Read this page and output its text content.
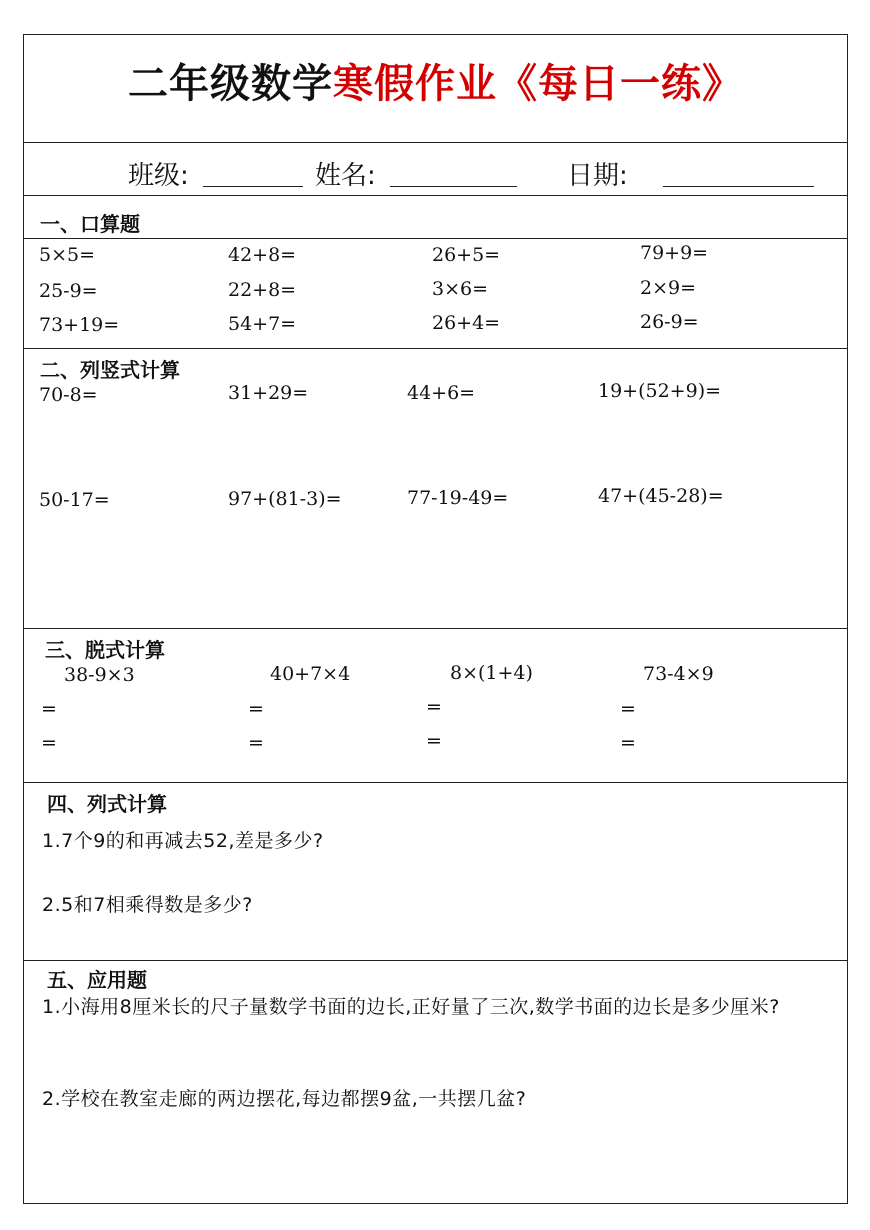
二年级数学寒假作业《每日一练》
班级:	姓名:	日期:
一、口算题
5×5=	42+8=	26+5=	79+9=
25-9=	22+8=	3×6=	2×9=
73+19=	54+7=	26+4=	26-9=
二、列竖式计算
70-8=	31+29=	44+6=	19+(52+9)=
50-17=	97+(81-3)=	77-19-49=	47+(45-28)=
三、脱式计算
38-9×3	40+7×4	8×(1+4)	73-4×9
=	=	=	=
=	=	=	=
四、列式计算
1.7个9的和再减去52,差是多少?
2.5和7相乘得数是多少?
五、应用题
1.小海用8厘米长的尺子量数学书面的边长,正好量了三次,数学书面的边长是多少厘米?
2.学校在教室走廊的两边摆花,每边都摆9盆,一共摆几盆?
